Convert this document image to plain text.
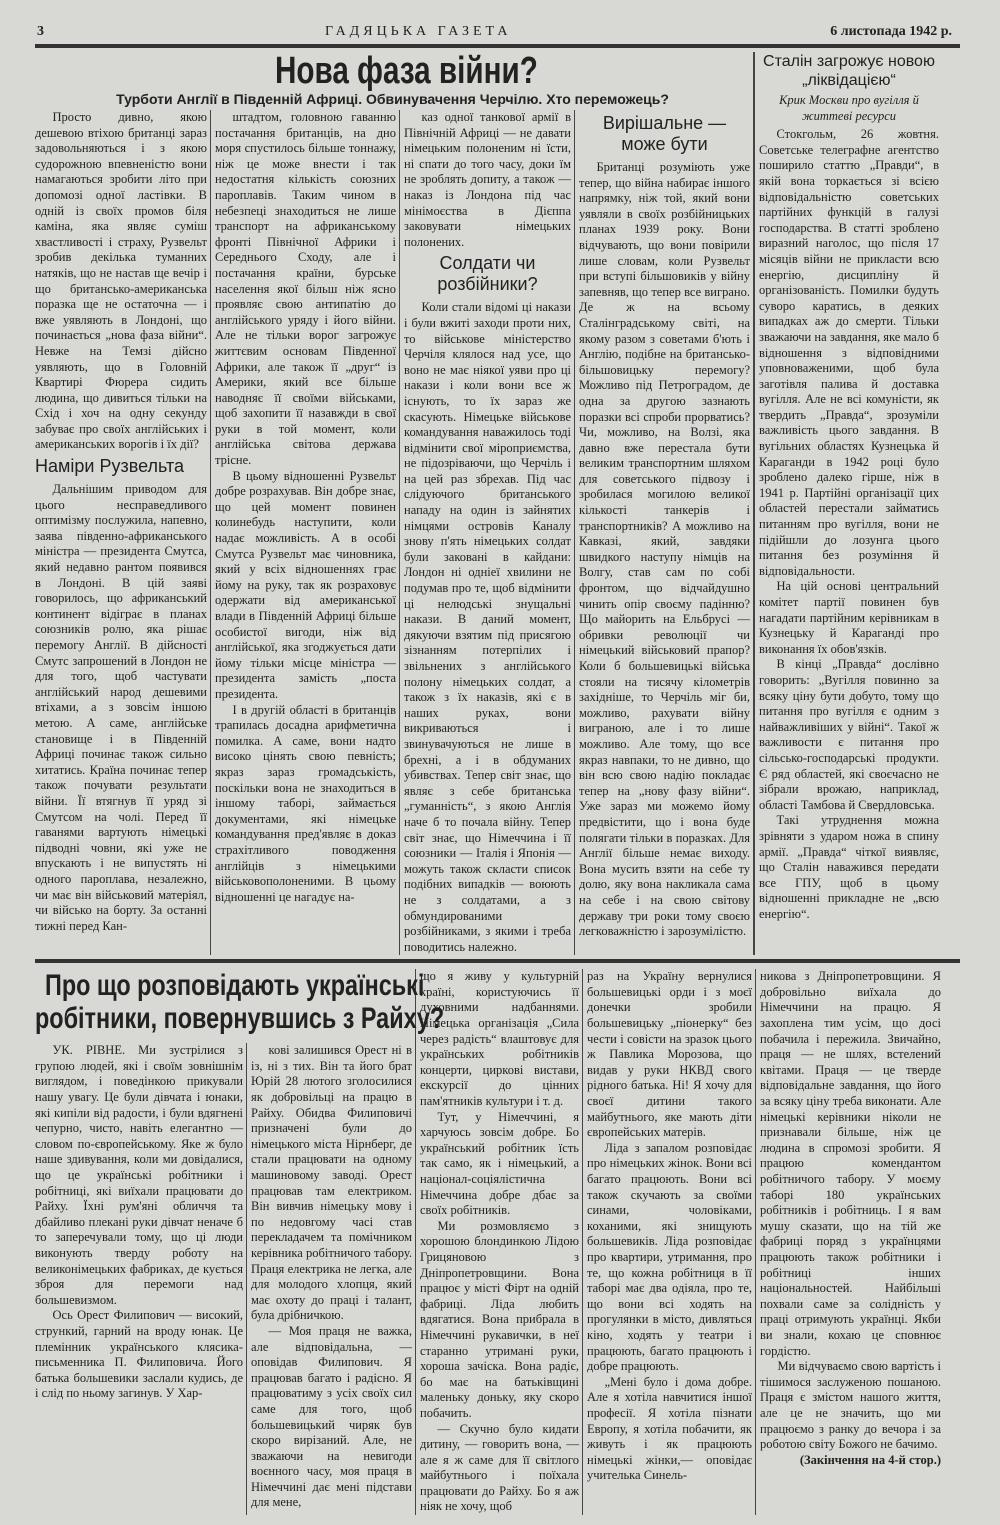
3	ГАДЯЦЬКА ГАЗЕТА	6 листопада 1942 р.
Нова фаза війни?
Турботи Англії в Південній Африці. Обвинувачення Черчілю. Хто переможець?

Просто дивно, якою дешевою втіхою британці зараз задовольняються і з якою судорожною впевненістю вони намагаються зробити літо при допомозі одної ластівки. В одній із своїх промов біля каміна, яка являє суміш хвастливості і страху, Рузвельт зробив декілька туманних натяків, що не настав ще вечір і що британсько-американська поразка ще не остаточна — і вже уявляють в Лондоні, що починається „нова фаза війни“. Невже на Темзі дійсно уявляють, що в Головній Квартирі Фюрера сидить людина, що дивиться тільки на Схід і хоч на одну секунду забуває про своїх англійських і американських ворогів і їх дії?

Наміри Рузвельта

Дальнішим приводом для цього несправедливого оптимізму послужила, напевно, заява південно-африканського міністра — президента Смутса, який недавно рантом появився в Лондоні. В цій заяві говорилось, що африканський континент відіграє в планах союзників ролю, яка рішає перемогу Англії. В дійсності Смутс запрошений в Лондон не для того, щоб частувати англійський народ дешевими втіхами, а з зовсім іншою метою. А саме, англійське становище і в Південній Африці починає також сильно хитатись. Країна починає тепер також почувати результати війни. Її втягнув її уряд зі Смутсом на чолі. Перед її гаванями вартують німецькі підводні човни, які уже не впускають і не випустять ні одного пароплава, незалежно, чи має він військовий матеріял, чи військо на борту. За останні тижні перед Кан-

штадтом, головною гаванню постачання британців, на дно моря спустилось більше тоннажу, ніж це може внести і так недостатня кількість союзних пароплавів. Таким чином в небезпеці знаходиться не лише транспорт на африканському фронті Північної Африки і Середнього Сходу, але і постачання країни, бурське населення якої більш ніж ясно проявляє свою антипатію до англійського уряду і його війни. Але не тільки ворог загрожує життєвим основам Південної Африки, але також її „друг“ із Америки, який все більше наводняє її своїми військами, щоб захопити її назавжди в свої руки в той момент, коли англійська світова держава тріснe.

В цьому відношенні Рузвельт добре розрахував. Він добре знає, що цей момент повинен колинебудь наступити, коли надає можливість. А в особі Смутса Рузвельт має чиновника, який у всіх відношеннях грає йому на руку, так як розраховує одержати від американської влади в Південній Африці більше особистої вигоди, ніж від англійської, яка згоджується дати йому тільки місце міністра — президента замість „поста президента.

І в другій області в британців трапилась досадна арифметична помилка. А саме, вони надто високо цінять свою певність; якраз зараз громадськість, поскільки вона не знаходиться в іншому таборі, займається документами, які німецьке командування пред'являє в доказ страхітливого поводження англійців з німецькими військовополоненими. В цьому відношенні це нагадує на-

каз одної танкової армії в Північній Африці — не давати німецьким полоненим ні їсти, ні спати до того часу, доки їм не зроблять допиту, а також — наказ із Лондона під час мінімоєства в Дієппа заковувати німецьких полонених.

Солдати чи розбійники?

Коли стали відомі ці накази і були вжиті заходи проти них, то військове міністерство Черчіля клялося над усе, що воно не має ніякої уяви про ці накази і коли вони все ж існують, то їх зараз же скасують. Німецьке військове командування наважилось тоді відмінити свої мірoприємства, не підозріваючи, що Черчіль і на цей раз збрехав. Під час слідуючого британського нападу на один із зайнятих німцями островів Каналу знову п'ять німецьких солдат були закованi в кайдани: Лондон ні одніеї хвилини не подумав про те, щоб відмінити ці нелюдські знущальні накази. В даний момент, дякуючи взятим під присягою зізнанням потерпілих і звільнених з англійського полону німецьких солдат, а також з їх наказів, які є в наших руках, вони викриваються і звинувачуються не лише в брехні, а і в обдуманих убивствах. Тепер світ знає, що являє з себе британська „гуманність“, з якою Англія наче б то почала війну. Тепер світ знає, що Німеччина і її союзники — Італія і Японія — можуть також скласти список подібних випадків — воюють не з солдатами, а з обмундированими розбійниками, з якими і треба поводитись належно.

Вирішальне — може бути

Британці розуміють уже тепер, що війна набирає іншого напрямку, ніж той, який вони уявляли в своїх розбійницьких планах 1939 року. Вони відчувають, що вони повірили лише словам, коли Рузвельт при вступі більшовиків у війну запевняв, що тепер все виграно. Де ж на всьому Сталінградському світі, на якому разом з советами б'ють і Англію, подібне на британсько-більшовицьку перемогу? Можливо під Петроградом, де одна за другою зазнають поразки всі спроби прорватись? Чи, можливо, на Волзі, яка давно вже перестала бути великим транспортним шляхом для советського підвозу і зробилася могилою великої кількості танкерів і транспортників? А можливо на Кавказі, який, завдяки швидкого наступу німців на Волгу, став сам по собі фронтом, що відчайдушно чинить опір своєму падінню? Що майорить на Ельбрусі — обривки революції чи німецький військовий прапор? Коли б большевицькі війська стояли на тисячу кілометрів західніше, то Черчіль міг би, можливо, рахувати війну виграною, але і то лише можливо. Але тому, що все якраз навпаки, то не дивно, що він всю свою надію покладає тепер на „нову фазу війни“. Уже зараз ми можемо йому предвістити, що і вона буде полягати тільки в поразках. Для Англії більше немає виходу. Вона мусить взяти на себе ту долю, яку вона накликала сама на себе і на свою світову державу три роки тому своєю легковажністю і зарозумілістю.

Сталін загрожує новою „ліквідацією“
Крик Москви про вугілля й життеві ресурси

Стокгольм, 26 жовтня. Советське телеграфне агентство поширило статтю „Правди“, в якій вона торкається зі всією відповідальністю советських партійних функцій в галузі господарства. В статті зроблено виразний наголос, що після 17 місяців війни не прикласти всю енергію, дисципліну й організованість. Помилки будуть суворо каратись, в деяких випадках аж до смерти. Тільки зважаючи на завдання, яке мало б відношення з відповідними уповноваженими, щоб була заготівля палива й доставка вугілля. Але не всі комуністи, як твердить „Правда“, зрозуміли важливість цього завдання. В вугільних областях Кузнецька й Караганди в 1942 році було зроблено далеко гірше, ніж в 1941 р. Партійні організації цих областей перестали займатись питанням про вугілля, вони не підійшли до лозунга цього питання без розуміння й відповідальности.

На цій основі центральний комітет партії повинен був нагадати партійним керівникам в Кузнецьку й Караганді про виконання їх обов'язків.

В кінці „Правда“ дослівно говорить: „Вугілля повинно за всяку ціну бути добуто, тому що питання про вугілля є одним з найважливіших у війні“. Такої ж важливости є питання про сільсько-господарські продукти. Є ряд областей, які своєчасно не зібрали врожаю, наприклад, області Тамбова й Свердловська.

Такі утруднення можна зрівняти з ударом ножа в спину армії. „Правда“ чіткої виявляє, що Сталін наважився передати все ГПУ, щоб в цьому відношенні прикладне не „всю енергію“.

Про що розповідають українські
робітники, повернувшись з Райху?

УК. РІВНЕ. Ми зустрілися з групою людей, які і своїм зовнішнім виглядом, і поведінкою прикували нашу увагу. Це були дівчата і юнаки, які кипіли від радости, і були вдягнені чепурно, чисто, навіть елегантно — словом по-європейському. Яке ж було наше здивування, коли ми довідалися, що це українські робітники і робітниці, які виїхали працювати до Райху. Їхні рум'яні обличчя та дбайливо плекані руки дівчат неначе б то заперечували тому, що ці люди виконують тверду роботу на великонімецьких фабриках, де кується зброя для перемоги над большевизмом.

Ось Орест Филипович — високий, стрункий, гарний на вроду юнак. Це племінник українського клясика-письменника П. Филиповича. Його батька большевики заслали кудись, де і слід по ньому загинув. У Хар-

кові залишився Орест ні в із, ні з тих. Він та його брат Юрій 28 лютого зголосилися як добровільці на працю в Райху. Обидва Филиповичі призначені були до німецького міста Нірнберг, де стали працювати на одному машиновому заводі. Орест працював там електриком. Він вивчив німецьку мову і по недовгому часі став перекладачем та помічником керівника робітничого табору. Праця електрика не легка, але для молодого хлопця, який має охоту до праці і талант, була дрібничкою.

— Моя праця не важка, але відповідальна, — оповідав Филипович. Я працював багато і радісно. Я працюватиму з усіх своїх сил саме для того, щоб большевицький чиряк був скоро вирізаний. Але, не зважаючи на невигоди воєнного часу, моя праця в Німеччині дає мені підстави для мене,

що я живу у культурній країні, користуючись її духовними надбаннями. Німецька організація „Сила через радість“ влаштовує для українських робітників концерти, циркові вистави, екскурсії до цінних пам'ятників культури і т. д.

Тут, у Німеччині, я харчуюсь зовсім добре. Бо український робітник їсть так само, як і німецький, а націонал-соціялістична Німеччина добре дбає за своїх робітників.

Ми розмовляємо з хорошою блондинкою Лідою Грицяновою з Дніпропетровщини. Вона працює у місті Фірт на одній фабриці. Ліда любить вдягатися. Вона прибрала в Німеччині рукавички, в неї старанно утримані руки, хороша зачіска. Вона радіє, бо має на батьківщині маленьку доньку, яку скоро побачить.

— Скучно було кидати дитину, — говорить вона, — але я ж саме для її світлого майбутнього і поїхала працювати до Райху. Бо я аж ніяк не хочу, щоб

раз на Україну вернулися большевицькі орди і з моєї донечки зробили большевицьку „піонерку“ без чести і совісти на зразок цього ж Павлика Морозова, що видав у руки НКВД свого рідного батька. Ні! Я хочу для своєї дитини такого майбутнього, яке мають діти європейських матерів.

Ліда з запалом розповідає про німецьких жінок. Вони всі багато працюють. Вони всі також скучають за своїми синами, чоловіками, коханими, які знищують большевиків. Ліда розповідає про квартири, утримання, про те, що кожна робітниця в її таборі має два одіяла, про те, що вони всі ходять на прогулянки в місто, дивляться кіно, ходять у театри і працюють, багато працюють і добре працюють.

„Мені було і дома добре. Але я хотіла навчитися іншої професії. Я хотіла пізнати Европу, я хотіла побачити, як живуть і як працюють німецькі жінки,— оповідає учителька Синель-

никова з Дніпропетровщини. Я добровільно виїхала до Німеччини на працю. Я захоплена тим усім, що досі побачила і пережила. Звичайно, праця — не шлях, встелений квітами. Праця — це тверде відповідальне завдання, що його за всяку ціну треба виконати. Але німецькі керівники ніколи не признавали більше, ніж це людина в спромозі зробити. Я працюю комендантом робітничого табору. У моєму таборі 180 українських робітників і робітниць. І я вам мушу сказати, що на тій же фабриці поряд з українцями працюють також робітники і робітниці інших національностей. Найбільші похвали саме за солідність у праці отримують українці. Якби ви знали, кохаю це сповнює гордістю.

Ми відчуваємо свою вартість і тішимося заслуженою пошаною. Праця є змістом нашого життя, але це не значить, що ми працюємо з ранку до вечора і за роботою світу Божого не бачимо.

(Закінчення на 4-й стор.)
